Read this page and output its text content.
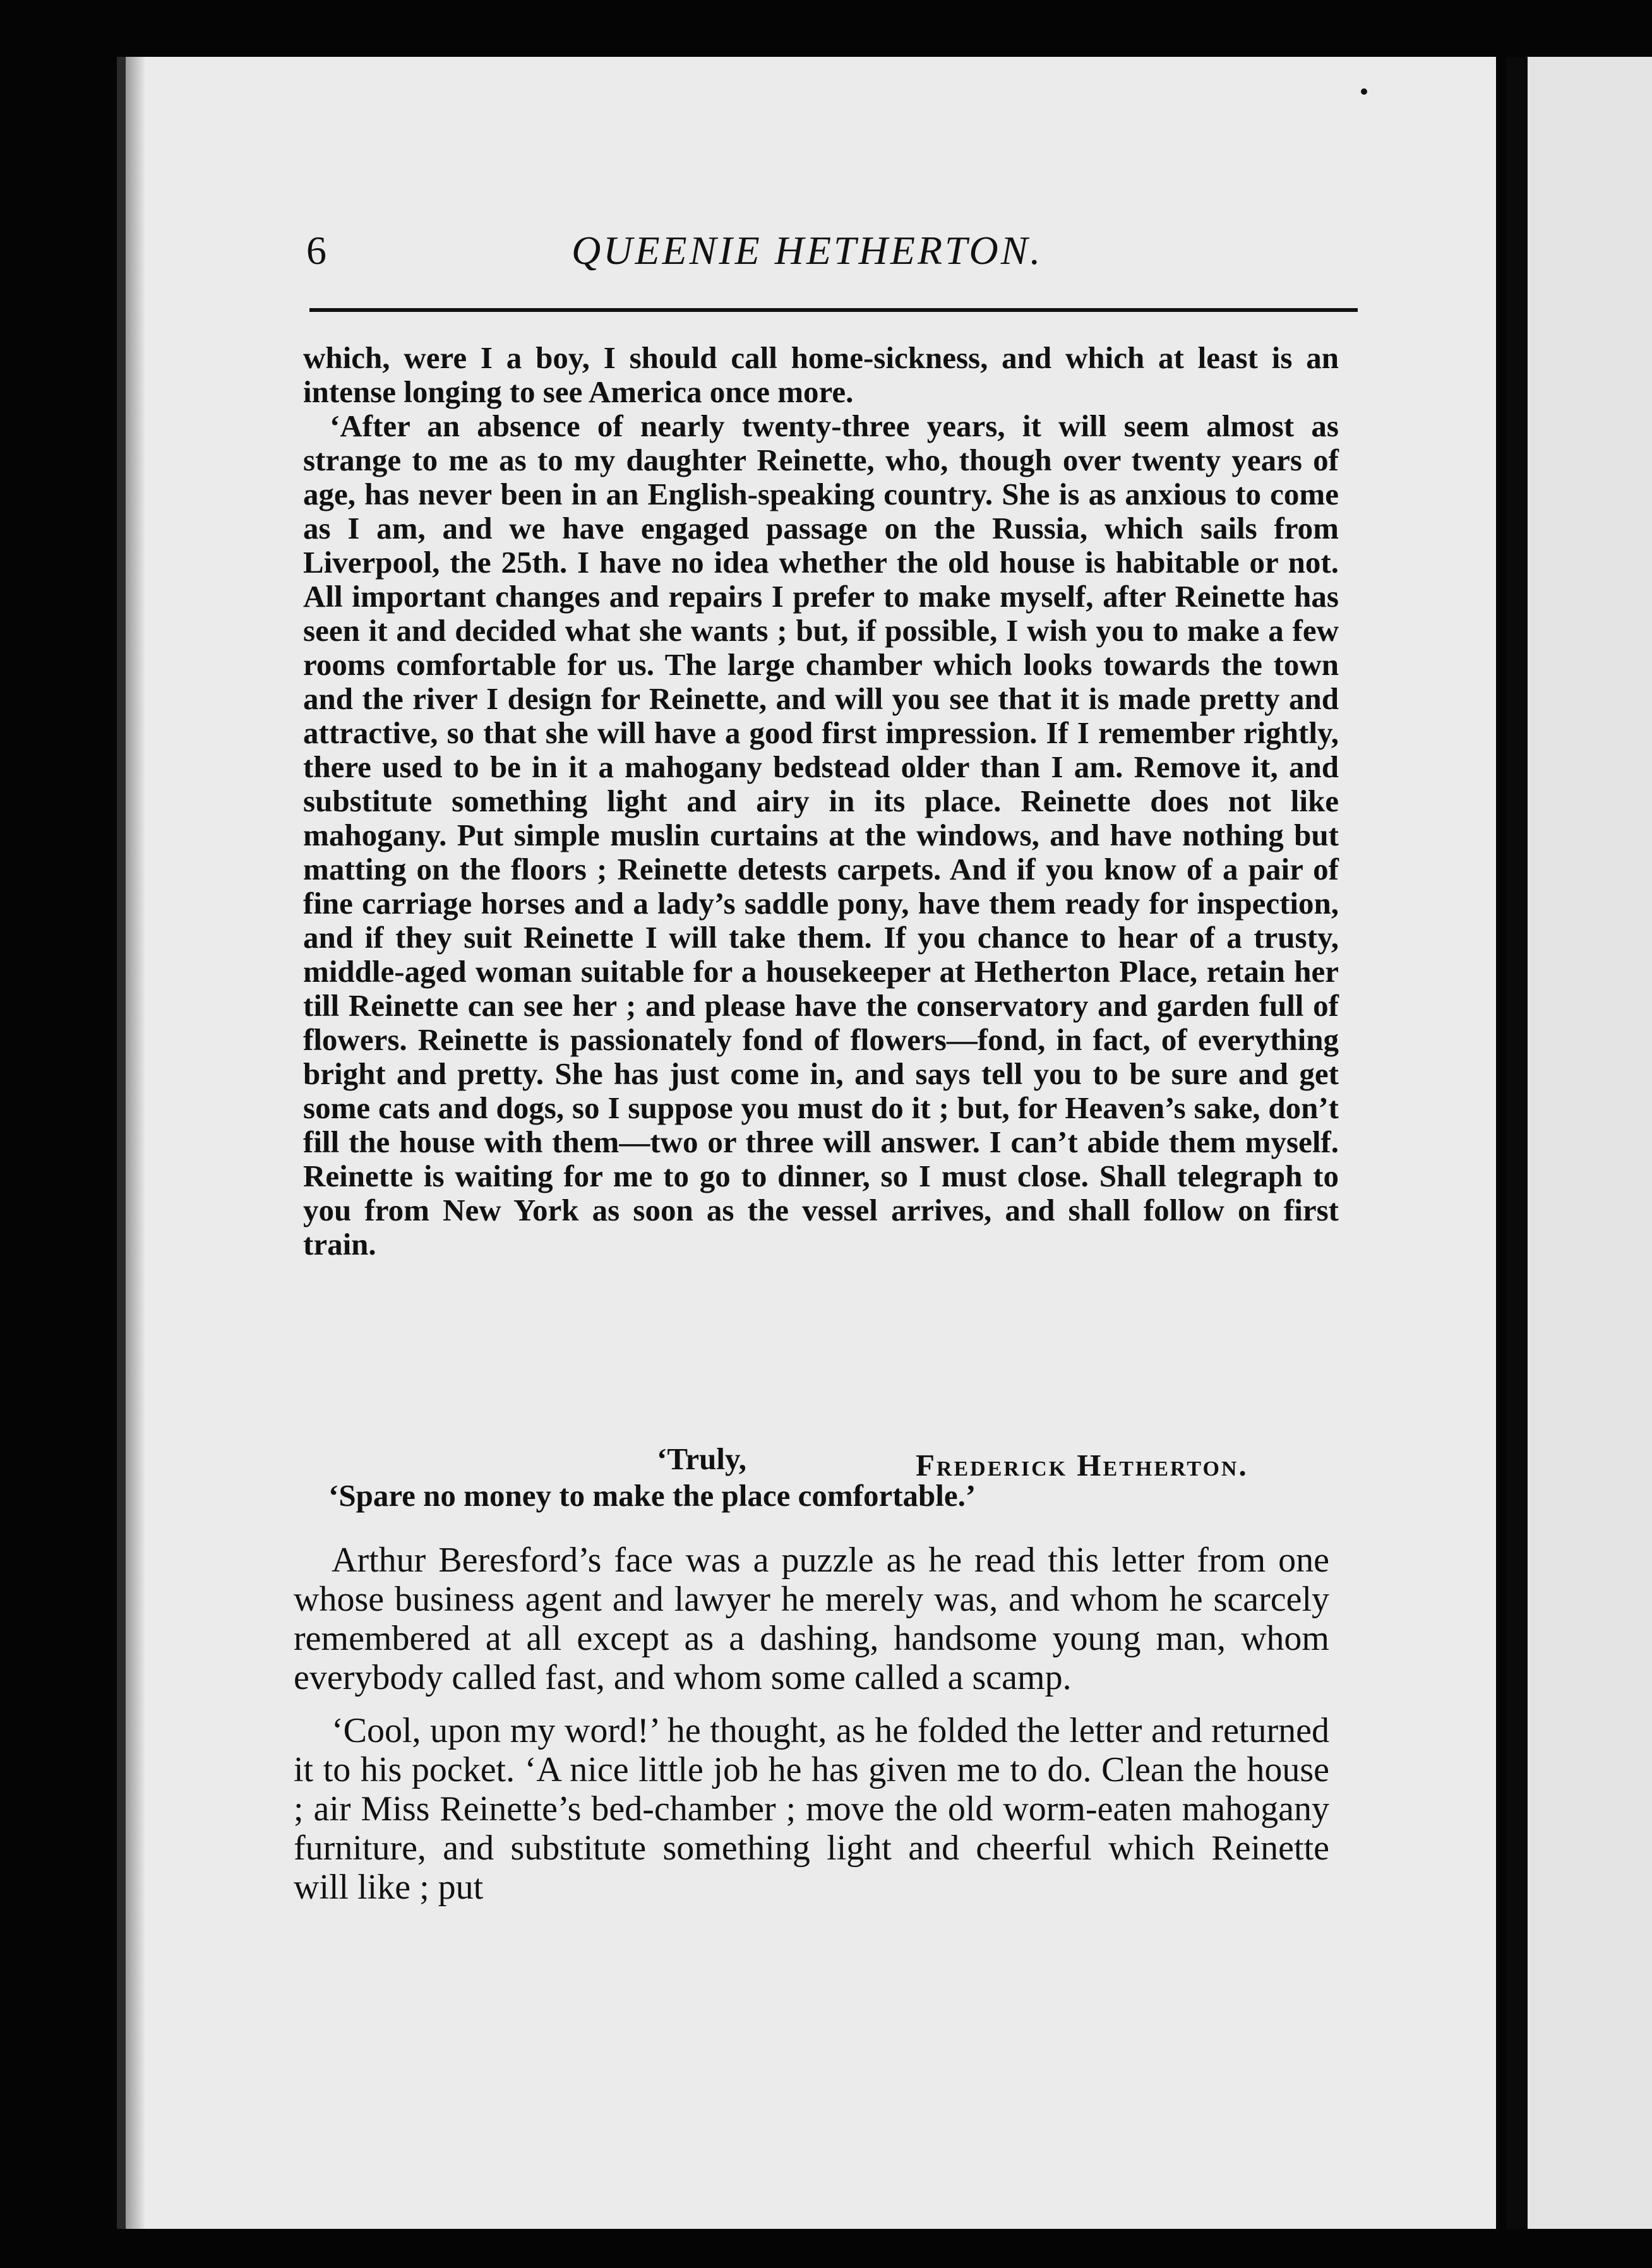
6	QUEENIE HETHERTON.

which, were I a boy, I should call home-sickness, and which at least is an intense longing to see America once more.

‘After an absence of nearly twenty-three years, it will seem almost as strange to me as to my daughter Reinette, who, though over twenty years of age, has never been in an English-speaking country. She is as anxious to come as I am, and we have engaged passage on the Russia, which sails from Liverpool, the 25th. I have no idea whether the old house is habitable or not. All important changes and repairs I prefer to make myself, after Reinette has seen it and decided what she wants ; but, if possible, I wish you to make a few rooms comfortable for us. The large chamber which looks towards the town and the river I design for Reinette, and will you see that it is made pretty and attractive, so that she will have a good first impression. If I remember rightly, there used to be in it a mahogany bedstead older than I am. Remove it, and substitute something light and airy in its place. Reinette does not like mahogany. Put simple muslin curtains at the windows, and have nothing but matting on the floors ; Reinette detests carpets. And if you know of a pair of fine carriage horses and a lady’s saddle pony, have them ready for inspection, and if they suit Reinette I will take them. If you chance to hear of a trusty, middle-aged woman suitable for a housekeeper at Hetherton Place, retain her till Reinette can see her ; and please have the conservatory and garden full of flowers. Reinette is passionately fond of flowers—fond, in fact, of everything bright and pretty. She has just come in, and says tell you to be sure and get some cats and dogs, so I suppose you must do it ; but, for Heaven’s sake, don’t fill the house with them—two or three will answer. I can’t abide them myself. Reinette is waiting for me to go to dinner, so I must close. Shall telegraph to you from New York as soon as the vessel arrives, and shall follow on first train.

‘Truly,	Frederick Hetherton.
‘Spare no money to make the place comfortable.’

Arthur Beresford’s face was a puzzle as he read this letter from one whose business agent and lawyer he merely was, and whom he scarcely remembered at all except as a dashing, handsome young man, whom everybody called fast, and whom some called a scamp.

‘Cool, upon my word!’ he thought, as he folded the letter and returned it to his pocket. ‘A nice little job he has given me to do. Clean the house ; air Miss Reinette’s bed-chamber ; move the old worm-eaten mahogany furniture, and substitute something light and cheerful which Reinette will like ; put
